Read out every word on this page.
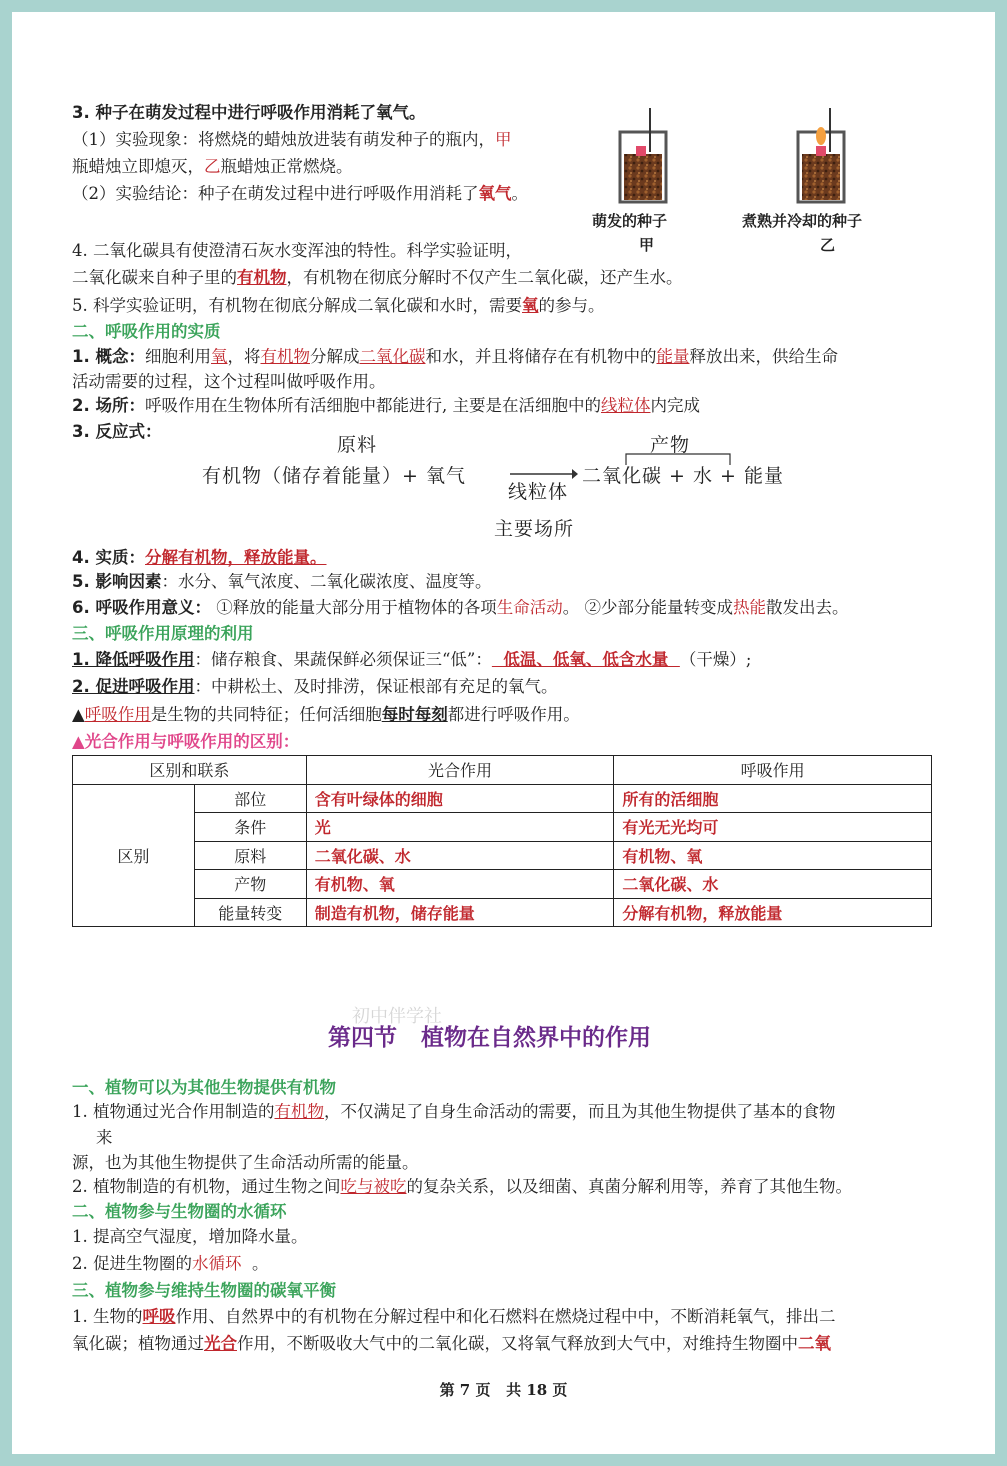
3. 种子在萌发过程中进行呼吸作用消耗了氧气。
（1）实验现象：将燃烧的蜡烛放进装有萌发种子的瓶内，甲
瓶蜡烛立即熄灭，乙瓶蜡烛正常燃烧。
（2）实验结论：种子在萌发过程中进行呼吸作用消耗了氧气。
萌发的种子
甲
煮熟并冷却的种子
乙
4. 二氧化碳具有使澄清石灰水变浑浊的特性。科学实验证明，
二氧化碳来自种子里的有机物，有机物在彻底分解时不仅产生二氧化碳，还产生水。
5. 科学实验证明，有机物在彻底分解成二氧化碳和水时，需要氧的参与。
二、呼吸作用的实质
1. 概念：细胞利用氧，将有机物分解成二氧化碳和水，并且将储存在有机物中的能量释放出来，供给生命
活动需要的过程，这个过程叫做呼吸作用。
2. 场所：呼吸作用在生物体所有活细胞中都能进行, 主要是在活细胞中的线粒体内完成
3. 反应式：
原料	产物
有机物（储存着能量）+ 氧气
线粒体
二氧化碳 + 水 + 能量
主要场所
4. 实质：分解有机物，释放能量。
5. 影响因素：水分、氧气浓度、二氧化碳浓度、温度等。
6. 呼吸作用意义： ①释放的能量大部分用于植物体的各项生命活动。 ②少部分能量转变成热能散发出去。
三、呼吸作用原理的利用
1. 降低呼吸作用：储存粮食、果蔬保鲜必须保证三“低”：  低温、低氧、低含水量  （干燥）;
2. 促进呼吸作用：中耕松土、及时排涝，保证根部有充足的氧气。
▲呼吸作用是生物的共同特征；任何活细胞每时每刻都进行呼吸作用。
▲光合作用与呼吸作用的区别：
区别和联系		光合作用	呼吸作用
区别	部位	含有叶绿体的细胞	所有的活细胞
	条件	光	有光无光均可
	原料	二氧化碳、水	有机物、氧
	产物	有机物、氧	二氧化碳、水
	能量转变	制造有机物，储存能量	分解有机物，释放能量
初中伴学社
第四节   植物在自然界中的作用
一、植物可以为其他生物提供有机物
1. 植物通过光合作用制造的有机物，不仅满足了自身生命活动的需要，而且为其他生物提供了基本的食物
来
源，也为其他生物提供了生命活动所需的能量。
2. 植物制造的有机物，通过生物之间吃与被吃的复杂关系，以及细菌、真菌分解利用等，养育了其他生物。
二、植物参与生物圈的水循环
1. 提高空气湿度，增加降水量。
2. 促进生物圈的水循环  。
三、植物参与维持生物圈的碳氧平衡
1. 生物的呼吸作用、自然界中的有机物在分解过程中和化石燃料在燃烧过程中中，不断消耗氧气，排出二
氧化碳；植物通过光合作用，不断吸收大气中的二氧化碳，又将氧气释放到大气中，对维持生物圈中二氧
第 7 页   共 18 页
